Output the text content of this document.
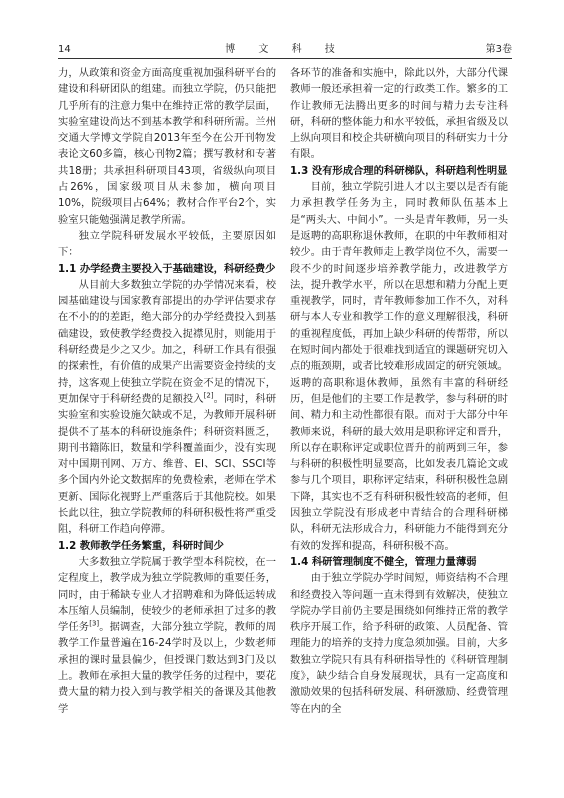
14	博 文 科 技	第3卷

力，从政策和资金方面高度重视加强科研平台的建设和科研团队的组建。而独立学院，仍只能把几乎所有的注意力集中在维持正常的教学层面，实验室建设尚达不到基本教学和科研所需。兰州交通大学博文学院自2013年至今在公开刊物发表论文60多篇，核心刊物2篇；撰写教材和专著共18册；共承担科研项目43项，省级纵向项目占26%，国家级项目从未参加，横向项目10%，院级项目占64%；教材合作平台2个，实验室只能勉强满足教学所需。

独立学院科研发展水平较低，主要原因如下：

1.1 办学经费主要投入于基础建设，科研经费少

从目前大多数独立学院的办学情况来看，校园基础建设与国家教育部提出的办学评估要求存在不小的的差距，绝大部分的办学经费投入到基础建设，致使教学经费投入捉襟见肘，则能用于科研经费是少之又少。加之，科研工作具有很强的探索性，有价值的成果产出需要资金持续的支持，这客观上使独立学院在资金不足的情况下，更加保守于科研经费的足额投入[2]。同时，科研实验室和实验设施欠缺或不足，为教师开展科研提供不了基本的科研设施条件；科研资料匮乏，期刊书籍陈旧，数量和学科覆盖面少，没有实现对中国期刊网、万方、维普、EI、SCI、SSCI等多个国内外论文数据库的免费检索，老师在学术更新、国际化视野上严重落后于其他院校。如果长此以往，独立学院教师的科研积极性将严重受阻，科研工作趋向停滞。

1.2 教师教学任务繁重，科研时间少

大多数独立学院属于教学型本科院校，在一定程度上，教学成为独立学院教师的重要任务，同时，由于稀缺专业人才招聘难和为降低运转成本压缩人员编制，使较少的老师承担了过多的教学任务[3]。据调查，大部分独立学院，教师的周教学工作量普遍在16-24学时及以上，少数老师承担的课时量县偏少，但授课门数达到3门及以上。教师在承担大量的教学任务的过程中，要花费大量的精力投入到与教学相关的备课及其他教学

各环节的准备和实施中，除此以外，大部分代课教师一般还承担着一定的行政类工作。繁多的工作让教师无法腾出更多的时间与精力去专注科研，科研的整体能力和水平较低，承担省级及以上纵向项目和校企共研横向项目的科研实力十分有限。

1.3 没有形成合理的科研梯队，科研趋利性明显

目前，独立学院引进人才以主要以是否有能力承担教学任务为主，同时教师队伍基本上是“两头大、中间小”。一头是青年教师，另一头是返聘的高职称退休教师，在职的中年教师相对较少。由于青年教师走上教学岗位不久，需要一段不少的时间逐步培养教学能力，改进教学方法，提升教学水平，所以在思想和精力分配上更重视教学，同时，青年教师参加工作不久，对科研与本人专业和教学工作的意义理解很浅，科研的重视程度低，再加上缺少科研的传帮带，所以在短时间内都处于很难找到适宜的课题研究切入点的瓶颈期，或者比较难形成固定的研究领域。返聘的高职称退休教师，虽然有丰富的科研经历，但是他们的主要工作是教学，参与科研的时间、精力和主动性都很有限。而对于大部分中年教师来说，科研的最大效用是职称评定和晋升，所以存在职称评定或职位晋升的前两到三年，参与科研的积极性明显要高，比如发表几篇论文或参与几个项目，职称评定结束，科研积极性急剧下降，其实也不乏有科研积极性较高的老师，但因独立学院没有形成老中青结合的合理科研梯队，科研无法形成合力，科研能力不能得到充分有效的发挥和提高，科研积极不高。

1.4 科研管理制度不健全，管理力量薄弱

由于独立学院办学时间短，师资结构不合理和经费投入等问题一直未得到有效解决，使独立学院办学目前仍主要是围绕如何维持正常的教学秩序开展工作，给予科研的政策、人员配备、管理能力的培养的支持力度急须加强。目前，大多数独立学院只有具有科研指导性的《科研管理制度》，缺少结合自身发展现状，具有一定高度和激励效果的包括科研发展、科研激励、经费管理等在内的全
